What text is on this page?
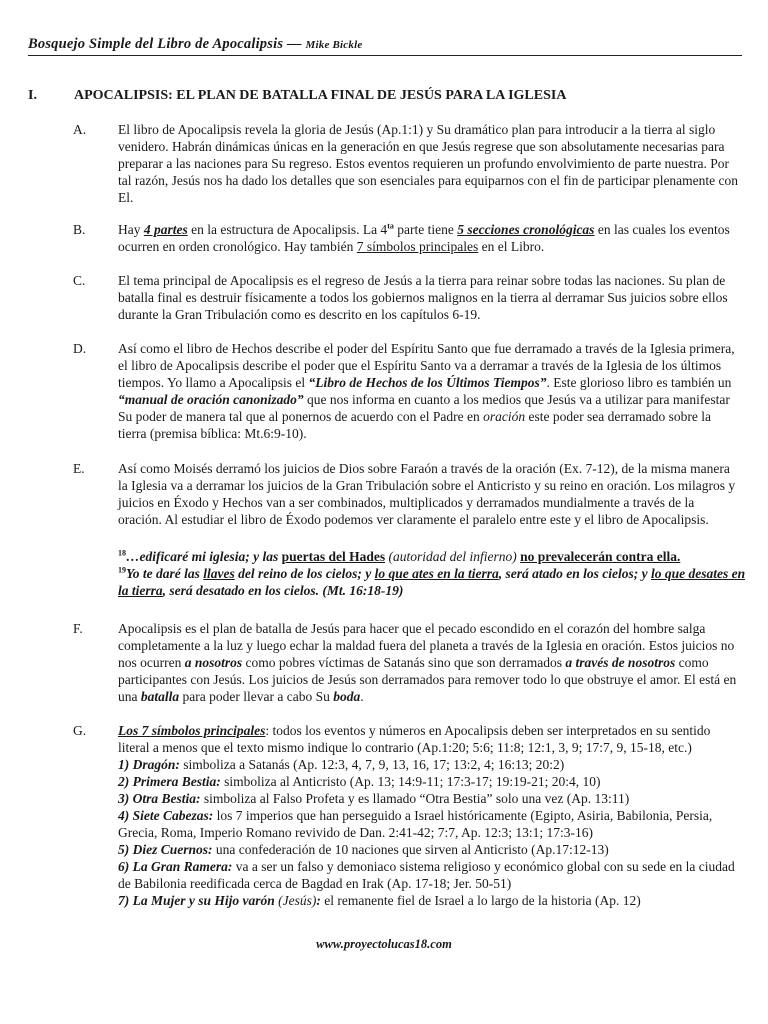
Bosquejo Simple del Libro de Apocalipsis — Mike Bickle
I.	APOCALIPSIS: EL PLAN DE BATALLA FINAL DE JESÚS PARA LA IGLESIA
A. El libro de Apocalipsis revela la gloria de Jesús (Ap.1:1) y Su dramático plan para introducir a la tierra al siglo venidero. Habrán dinámicas únicas en la generación en que Jesús regrese que son absolutamente necesarias para preparar a las naciones para Su regreso. Estos eventos requieren un profundo envolvimiento de parte nuestra. Por tal razón, Jesús nos ha dado los detalles que son esenciales para equiparnos con el fin de participar plenamente con El.

B. Hay 4 partes en la estructura de Apocalipsis. La $4^{ta}$ parte tiene 5 secciones cronológicas en las cuales los eventos ocurren en orden cronológico. Hay también 7 símbolos principales en el Libro.

C. El tema principal de Apocalipsis es el regreso de Jesús a la tierra para reinar sobre todas las naciones. Su plan de batalla final es destruir físicamente a todos los gobiernos malignos en la tierra al derramar Sus juicios sobre ellos durante la Gran Tribulación como es descrito en los capítulos 6-19.

D. Así como el libro de Hechos describe el poder del Espíritu Santo que fue derramado a través de la Iglesia primera, el libro de Apocalipsis describe el poder que el Espíritu Santo va a derramar a través de la Iglesia de los últimos tiempos. Yo llamo a Apocalipsis el “Libro de Hechos de los Últimos Tiempos”. Este glorioso libro es también un “manual de oración canonizado” que nos informa en cuanto a los medios que Jesús va a utilizar para manifestar Su poder de manera tal que al ponernos de acuerdo con el Padre en oración este poder sea derramado sobre la tierra (premisa bíblica: Mt.6:9-10).

E. Así como Moisés derramó los juicios de Dios sobre Faraón a través de la oración (Ex. 7-12), de la misma manera la Iglesia va a derramar los juicios de la Gran Tribulación sobre el Anticristo y su reino en oración. Los milagros y juicios en Éxodo y Hechos van a ser combinados, multiplicados y derramados mundialmente a través de la oración. Al estudiar el libro de Éxodo podemos ver claramente el paralelo entre este y el libro de Apocalipsis.

$^{18}$…edificaré mi iglesia; y las puertas del Hades (autoridad del infierno) no prevalecerán contra ella.
$^{19}$Yo te daré las llaves del reino de los cielos; y lo que ates en la tierra, será atado en los cielos; y lo que desates en la tierra, será desatado en los cielos. (Mt. 16:18-19)

F.	Apocalipsis es el plan de batalla de Jesús para hacer que el pecado escondido en el corazón del hombre salga completamente a la luz y luego echar la maldad fuera del planeta a través de la Iglesia en oración. Estos juicios no nos ocurren a nosotros como pobres víctimas de Satanás sino que son derramados a través de nosotros como participantes con Jesús. Los juicios de Jesús son derramados para remover todo lo que obstruye el amor. El está en una batalla para poder llevar a cabo Su boda.

G. Los 7 símbolos principales: todos los eventos y números en Apocalipsis deben ser interpretados en su sentido literal a menos que el texto mismo indique lo contrario (Ap.1:20; 5:6; 11:8; 12:1, 3, 9; 17:7, 9, 15-18, etc.)

1) Dragón: simboliza a Satanás (Ap. 12:3, 4, 7, 9, 13, 16, 17; 13:2, 4; 16:13; 20:2)

2) Primera Bestia: simboliza al Anticristo (Ap. 13; 14:9-11; 17:3-17; 19:19-21; 20:4, 10)

3) Otra Bestia: simboliza al Falso Profeta y es llamado “Otra Bestia” solo una vez (Ap. 13:11)

4) Siete Cabezas: los 7 imperios que han perseguido a Israel históricamente (Egipto, Asiria, Babilonia, Persia, Grecia, Roma, Imperio Romano revivido de Dan. 2:41-42; 7:7, Ap. 12:3; 13:1; 17:3-16)

5) Diez Cuernos: una confederación de 10 naciones que sirven al Anticristo (Ap.17:12-13)

6) La Gran Ramera: va a ser un falso y demoniaco sistema religioso y económico global con su sede en la ciudad de Babilonia reedificada cerca de Bagdad en Irak (Ap. 17-18; Jer. 50-51)

7) La Mujer y su Hijo varón (Jesús): el remanente fiel de Israel a lo largo de la historia (Ap. 12)

www.proyectolucas18.com
